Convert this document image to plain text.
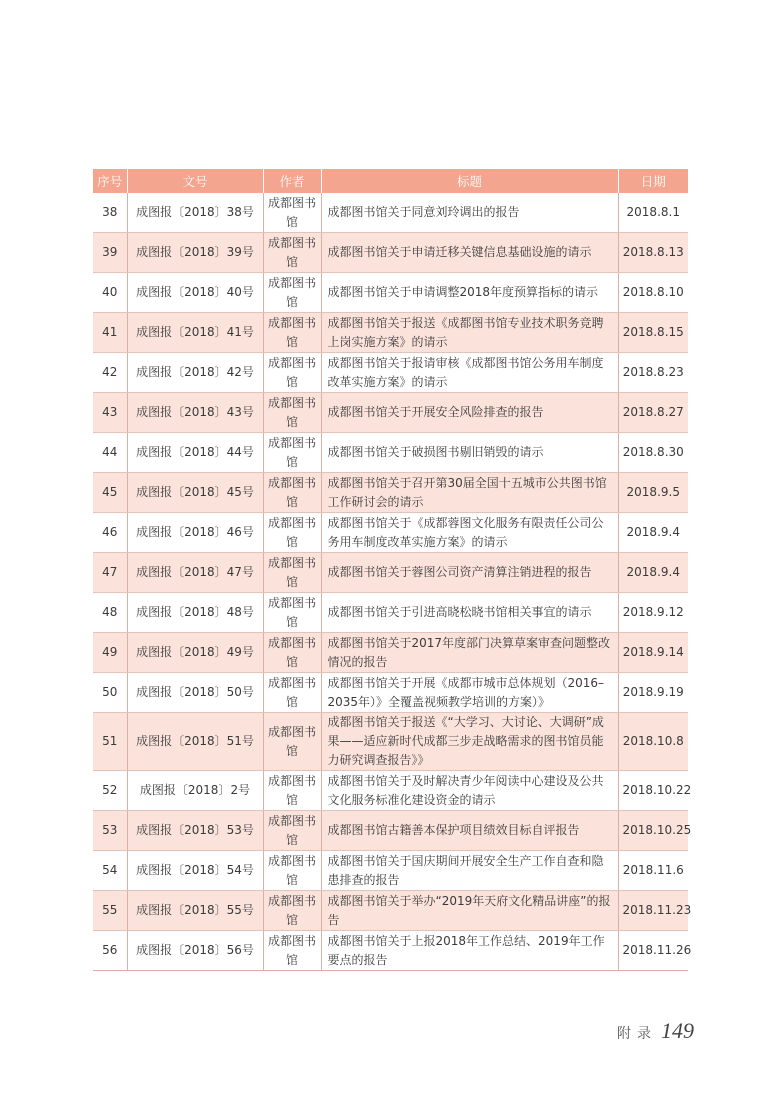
序号	文号	作者	标题	日期
38	成图报〔2018〕38号	成都图书馆	成都图书馆关于同意刘玲调出的报告	2018.8.1
39	成图报〔2018〕39号	成都图书馆	成都图书馆关于申请迁移关键信息基础设施的请示	2018.8.13
40	成图报〔2018〕40号	成都图书馆	成都图书馆关于申请调整2018年度预算指标的请示	2018.8.10
41	成图报〔2018〕41号	成都图书馆	成都图书馆关于报送《成都图书馆专业技术职务竞聘上岗实施方案》的请示	2018.8.15
42	成图报〔2018〕42号	成都图书馆	成都图书馆关于报请审核《成都图书馆公务用车制度改革实施方案》的请示	2018.8.23
43	成图报〔2018〕43号	成都图书馆	成都图书馆关于开展安全风险排查的报告	2018.8.27
44	成图报〔2018〕44号	成都图书馆	成都图书馆关于破损图书剔旧销毁的请示	2018.8.30
45	成图报〔2018〕45号	成都图书馆	成都图书馆关于召开第30届全国十五城市公共图书馆工作研讨会的请示	2018.9.5
46	成图报〔2018〕46号	成都图书馆	成都图书馆关于《成都蓉图文化服务有限责任公司公务用车制度改革实施方案》的请示	2018.9.4
47	成图报〔2018〕47号	成都图书馆	成都图书馆关于蓉图公司资产清算注销进程的报告	2018.9.4
48	成图报〔2018〕48号	成都图书馆	成都图书馆关于引进高晓松晓书馆相关事宜的请示	2018.9.12
49	成图报〔2018〕49号	成都图书馆	成都图书馆关于2017年度部门决算草案审查问题整改情况的报告	2018.9.14
50	成图报〔2018〕50号	成都图书馆	成都图书馆关于开展《成都市城市总体规划（2016–2035年）》全覆盖视频教学培训的方案）》	2018.9.19
51	成图报〔2018〕51号	成都图书馆	成都图书馆关于报送《“大学习、大讨论、大调研”成果——适应新时代成都三步走战略需求的图书馆员能力研究调查报告》》	2018.10.8
52	成图报〔2018〕2号	成都图书馆	成都图书馆关于及时解决青少年阅读中心建设及公共文化服务标准化建设资金的请示	2018.10.22
53	成图报〔2018〕53号	成都图书馆	成都图书馆古籍善本保护项目绩效目标自评报告	2018.10.25
54	成图报〔2018〕54号	成都图书馆	成都图书馆关于国庆期间开展安全生产工作自查和隐患排查的报告	2018.11.6
55	成图报〔2018〕55号	成都图书馆	成都图书馆关于举办“2019年天府文化精品讲座”的报告	2018.11.23
56	成图报〔2018〕56号	成都图书馆	成都图书馆关于上报2018年工作总结、2019年工作要点的报告	2018.11.26
附录 149
